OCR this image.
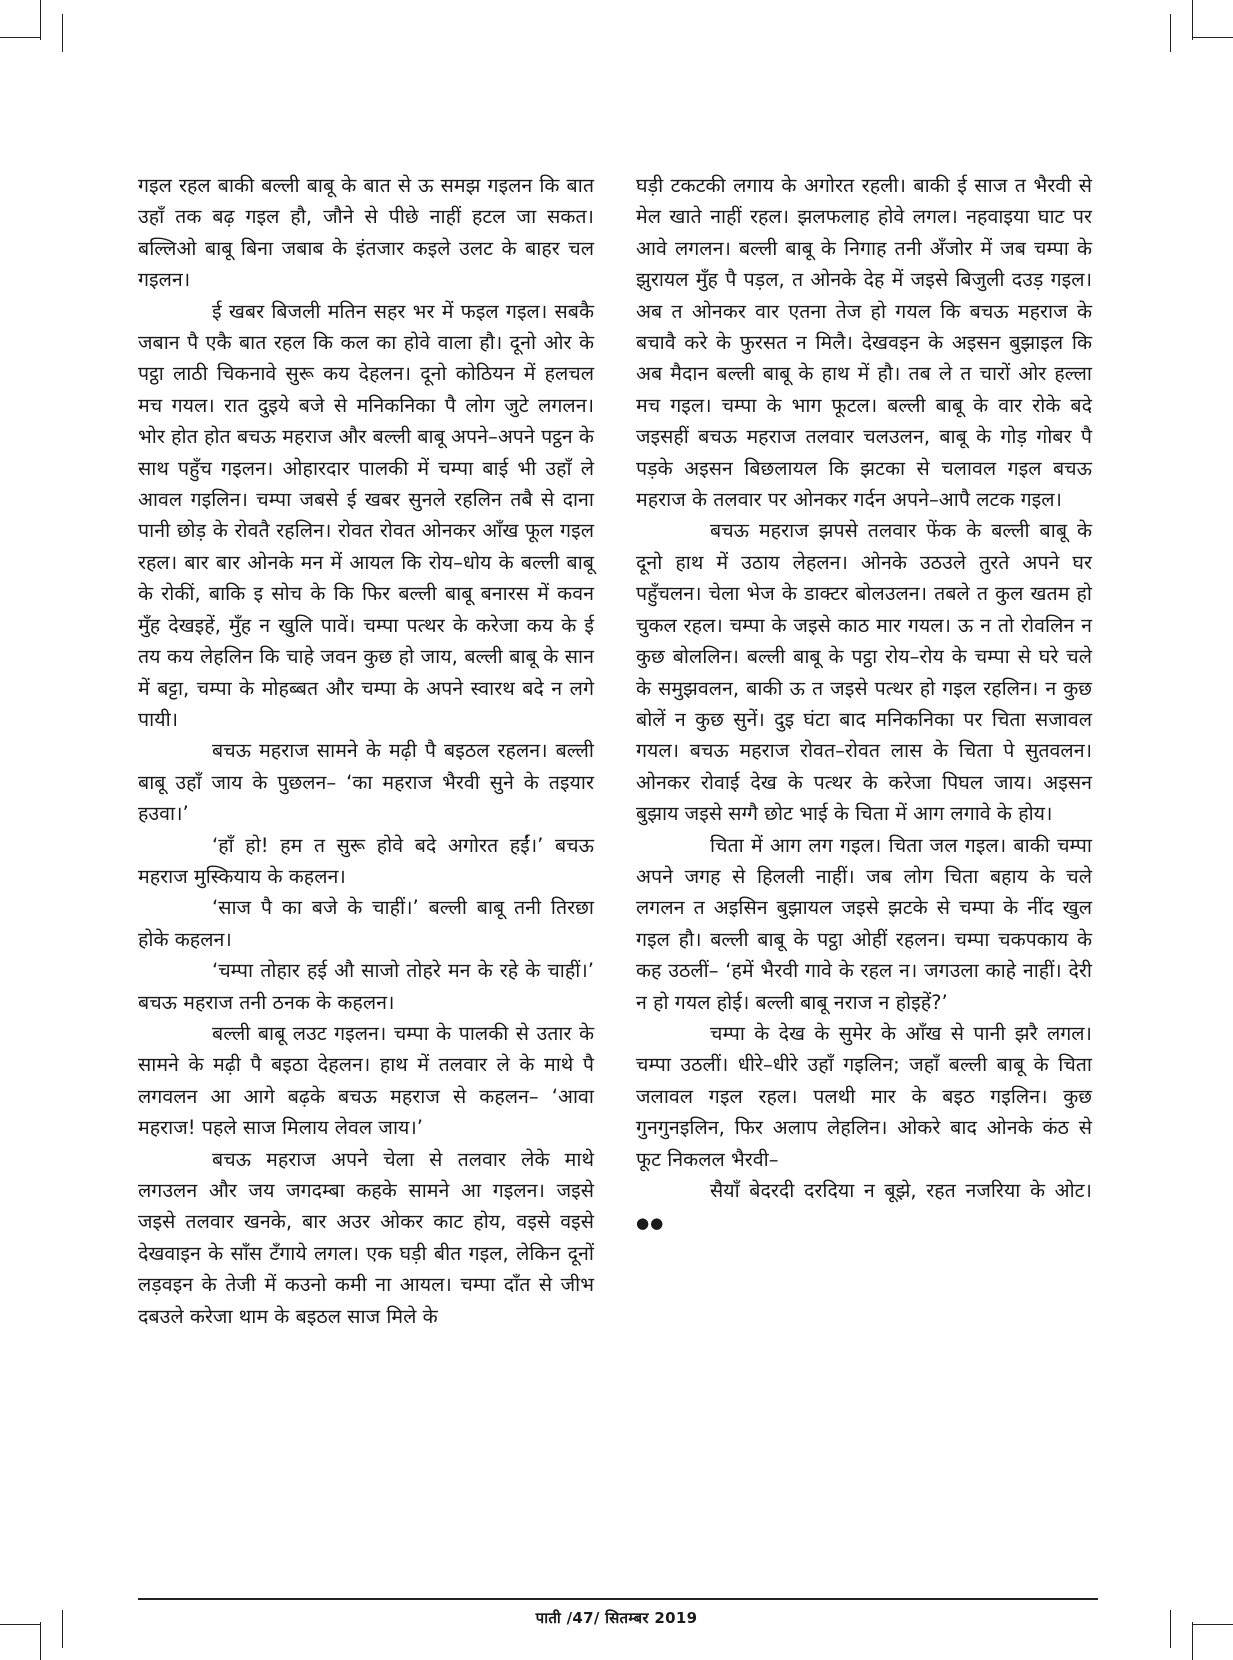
गइल रहल बाकी बल्ली बाबू के बात से ऊ समझ गइलन कि बात उहाँ तक बढ़ गइल हौ, जौने से पीछे नाहीं हटल जा सकत। बल्लिओ बाबू बिना जबाब के इंतजार कइले उलट के बाहर चल गइलन।

ई खबर बिजली मतिन सहर भर में फइल गइल। सबकै जबान पै एकै बात रहल कि कल का होवे वाला हौ। दूनो ओर के पट्ठा लाठी चिकनावे सुरू कय देहलन। दूनो कोठियन में हलचल मच गयल। रात दुइये बजे से मनिकनिका पै लोग जुटे लगलन। भोर होत होत बचऊ महराज और बल्ली बाबू अपने–अपने पट्ठन के साथ पहुँच गइलन। ओहारदार पालकी में चम्पा बाई भी उहाँ ले आवल गइलिन। चम्पा जबसे ई खबर सुनले रहलिन तबै से दाना पानी छोड़ के रोवतै रहलिन। रोवत रोवत ओनकर आँख फूल गइल रहल। बार बार ओनके मन में आयल कि रोय–धोय के बल्ली बाबू के रोकीं, बाकि इ सोच के कि फिर बल्ली बाबू बनारस में कवन मुँह देखइहें, मुँह न खुलि पावें। चम्पा पत्थर के करेजा कय के ई तय कय लेहलिन कि चाहे जवन कुछ हो जाय, बल्ली बाबू के सान में बट्टा, चम्पा के मोहब्बत और चम्पा के अपने स्वारथ बदे न लगे पायी।

बचऊ महराज सामने के मढ़ी पै बइठल रहलन। बल्ली बाबू उहाँ जाय के पुछलन– ‘का महराज भैरवी सुने के तइयार हउवा।’

‘हाँ हो! हम त सुरू होवे बदे अगोरत हईं।’ बचऊ महराज मुस्कियाय के कहलन।

‘साज पै का बजे के चाहीं।’ बल्ली बाबू तनी तिरछा होके कहलन।

‘चम्पा तोहार हई औ साजो तोहरे मन के रहे के चाहीं।’ बचऊ महराज तनी ठनक के कहलन।

बल्ली बाबू लउट गइलन। चम्पा के पालकी से उतार के सामने के मढ़ी पै बइठा देहलन। हाथ में तलवार ले के माथे पै लगवलन आ आगे बढ़के बचऊ महराज से कहलन– ‘आवा महराज! पहले साज मिलाय लेवल जाय।’

बचऊ महराज अपने चेला से तलवार लेके माथे लगउलन और जय जगदम्बा कहके सामने आ गइलन। जइसे जइसे तलवार खनके, बार अउर ओकर काट होय, वइसे वइसे देखवाइन के साँस टँगाये लगल। एक घड़ी बीत गइल, लेकिन दूनों लड़वइन के तेजी में कउनो कमी ना आयल। चम्पा दाँत से जीभ दबउले करेजा थाम के बइठल साज मिले के

घड़ी टकटकी लगाय के अगोरत रहली। बाकी ई साज त भैरवी से मेल खाते नाहीं रहल। झलफलाह होवे लगल। नहवाइया घाट पर आवे लगलन। बल्ली बाबू के निगाह तनी अँजोर में जब चम्पा के झुरायल मुँह पै पड़ल, त ओनके देह में जइसे बिजुली दउड़ गइल। अब त ओनकर वार एतना तेज हो गयल कि बचऊ महराज के बचावै करे के फुरसत न मिलै। देखवइन के अइसन बुझाइल कि अब मैदान बल्ली बाबू के हाथ में हौ। तब ले त चारों ओर हल्ला मच गइल। चम्पा के भाग फूटल। बल्ली बाबू के वार रोके बदे जइसहीं बचऊ महराज तलवार चलउलन, बाबू के गोड़ गोबर पै पड़के अइसन बिछलायल कि झटका से चलावल गइल बचऊ महराज के तलवार पर ओनकर गर्दन अपने–आपै लटक गइल।

बचऊ महराज झपसे तलवार फेंक के बल्ली बाबू के दूनो हाथ में उठाय लेहलन। ओनके उठउले तुरते अपने घर पहुँचलन। चेला भेज के डाक्टर बोलउलन। तबले त कुल खतम हो चुकल रहल। चम्पा के जइसे काठ मार गयल। ऊ न तो रोवलिन न कुछ बोललिन। बल्ली बाबू के पट्ठा रोय–रोय के चम्पा से घरे चले के समुझवलन, बाकी ऊ त जइसे पत्थर हो गइल रहलिन। न कुछ बोलें न कुछ सुनें। दुइ घंटा बाद मनिकनिका पर चिता सजावल गयल। बचऊ महराज रोवत–रोवत लास के चिता पे सुतवलन। ओनकर रोवाई देख के पत्थर के करेजा पिघल जाय। अइसन बुझाय जइसे सग्गै छोट भाई के चिता में आग लगावे के होय।

चिता में आग लग गइल। चिता जल गइल। बाकी चम्पा अपने जगह से हिलली नाहीं। जब लोग चिता बहाय के चले लगलन त अइसिन बुझायल जइसे झटके से चम्पा के नींद खुल गइल हौ। बल्ली बाबू के पट्ठा ओहीं रहलन। चम्पा चकपकाय के कह उठलीं– ‘हमें भैरवी गावे के रहल न। जगउला काहे नाहीं। देरी न हो गयल होई। बल्ली बाबू नराज न होइहें?’

चम्पा के देख के सुमेर के आँख से पानी झरै लगल। चम्पा उठलीं। धीरे–धीरे उहाँ गइलिन; जहाँ बल्ली बाबू के चिता जलावल गइल रहल। पलथी मार के बइठ गइलिन। कुछ गुनगुनइलिन, फिर अलाप लेहलिन। ओकरे बाद ओनके कंठ से फूट निकलल भैरवी–

सैयाँ बेदरदी दरदिया न बूझे, रहत नजरिया के ओट। ●●

पाती /47/ सितम्बर 2019
